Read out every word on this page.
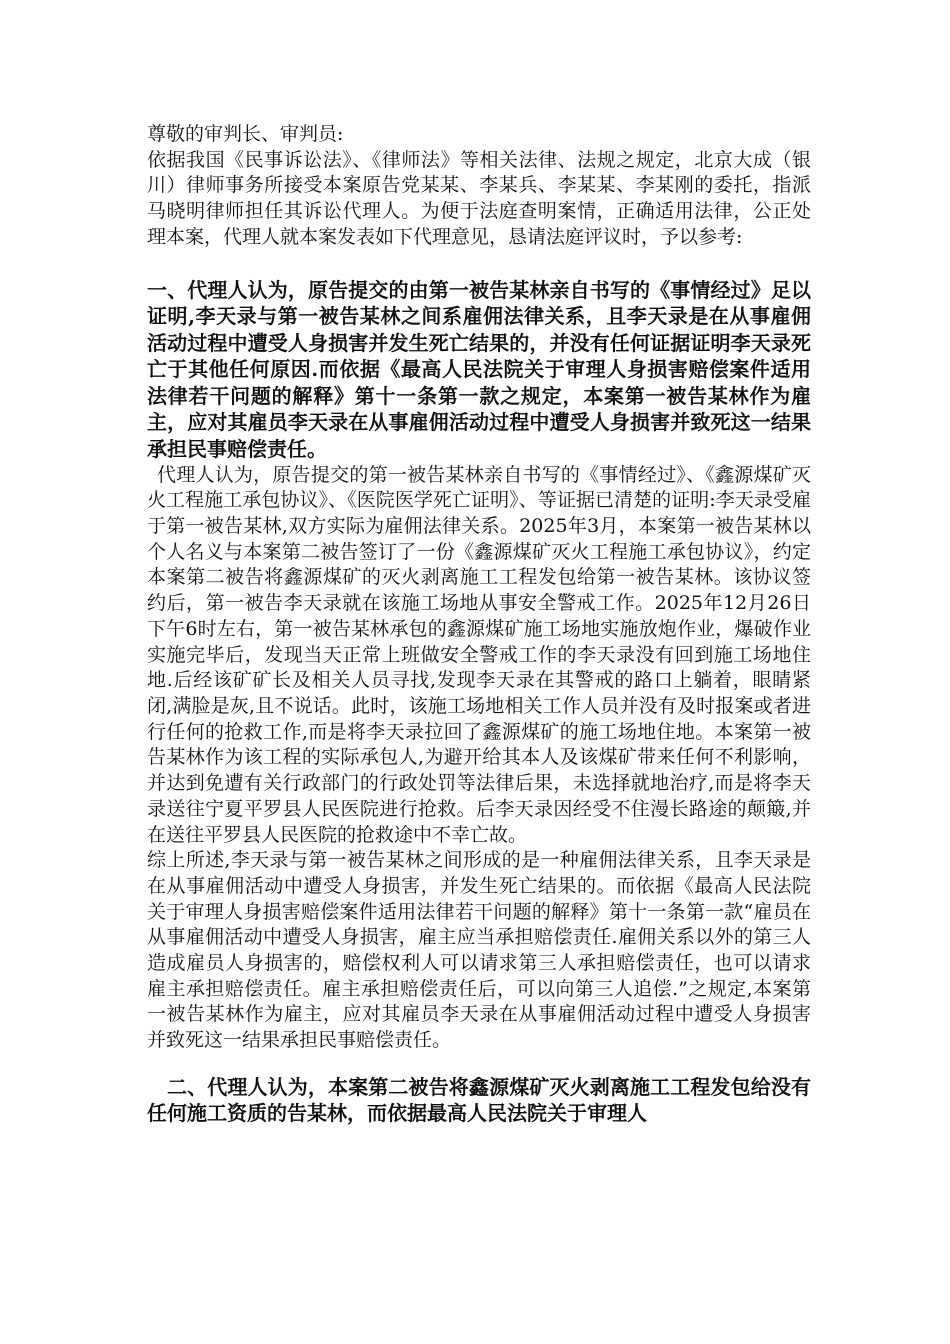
尊敬的审判长、审判员:

依据我国《民事诉讼法》、《律师法》等相关法律、法规之规定，北京大成（银川）律师事务所接受本案原告党某某、李某兵、李某某、李某刚的委托，指派马晓明律师担任其诉讼代理人。为便于法庭查明案情，正确适用法律，公正处理本案，代理人就本案发表如下代理意见，恳请法庭评议时，予以参考:

一、代理人认为，原告提交的由第一被告某林亲自书写的《事情经过》足以证明,李天录与第一被告某林之间系雇佣法律关系，且李天录是在从事雇佣活动过程中遭受人身损害并发生死亡结果的，并没有任何证据证明李天录死亡于其他任何原因.而依据《最高人民法院关于审理人身损害赔偿案件适用法律若干问题的解释》第十一条第一款之规定，本案第一被告某林作为雇主，应对其雇员李天录在从事雇佣活动过程中遭受人身损害并致死这一结果承担民事赔偿责任。

代理人认为，原告提交的第一被告某林亲自书写的《事情经过》、《鑫源煤矿灭火工程施工承包协议》、《医院医学死亡证明》、等证据已清楚的证明:李天录受雇于第一被告某林,双方实际为雇佣法律关系。2025年3月，本案第一被告某林以个人名义与本案第二被告签订了一份《鑫源煤矿灭火工程施工承包协议》，约定本案第二被告将鑫源煤矿的灭火剥离施工工程发包给第一被告某林。该协议签约后，第一被告李天录就在该施工场地从事安全警戒工作。2025年12月26日下午6时左右，第一被告某林承包的鑫源煤矿施工场地实施放炮作业，爆破作业实施完毕后，发现当天正常上班做安全警戒工作的李天录没有回到施工场地住地.后经该矿矿长及相关人员寻找,发现李天录在其警戒的路口上躺着，眼睛紧闭,满脸是灰,且不说话。此时，该施工场地相关工作人员并没有及时报案或者进行任何的抢救工作,而是将李天录拉回了鑫源煤矿的施工场地住地。本案第一被告某林作为该工程的实际承包人,为避开给其本人及该煤矿带来任何不利影响，并达到免遭有关行政部门的行政处罚等法律后果，未选择就地治疗,而是将李天录送往宁夏平罗县人民医院进行抢救。后李天录因经受不住漫长路途的颠簸,并在送往平罗县人民医院的抢救途中不幸亡故。

综上所述,李天录与第一被告某林之间形成的是一种雇佣法律关系，且李天录是在从事雇佣活动中遭受人身损害，并发生死亡结果的。而依据《最高人民法院关于审理人身损害赔偿案件适用法律若干问题的解释》第十一条第一款“雇员在从事雇佣活动中遭受人身损害，雇主应当承担赔偿责任.雇佣关系以外的第三人造成雇员人身损害的，赔偿权利人可以请求第三人承担赔偿责任，也可以请求雇主承担赔偿责任。雇主承担赔偿责任后，可以向第三人追偿.”之规定,本案第一被告某林作为雇主，应对其雇员李天录在从事雇佣活动过程中遭受人身损害并致死这一结果承担民事赔偿责任。

二、代理人认为，本案第二被告将鑫源煤矿灭火剥离施工工程发包给没有任何施工资质的告某林，而依据最高人民法院关于审理人
